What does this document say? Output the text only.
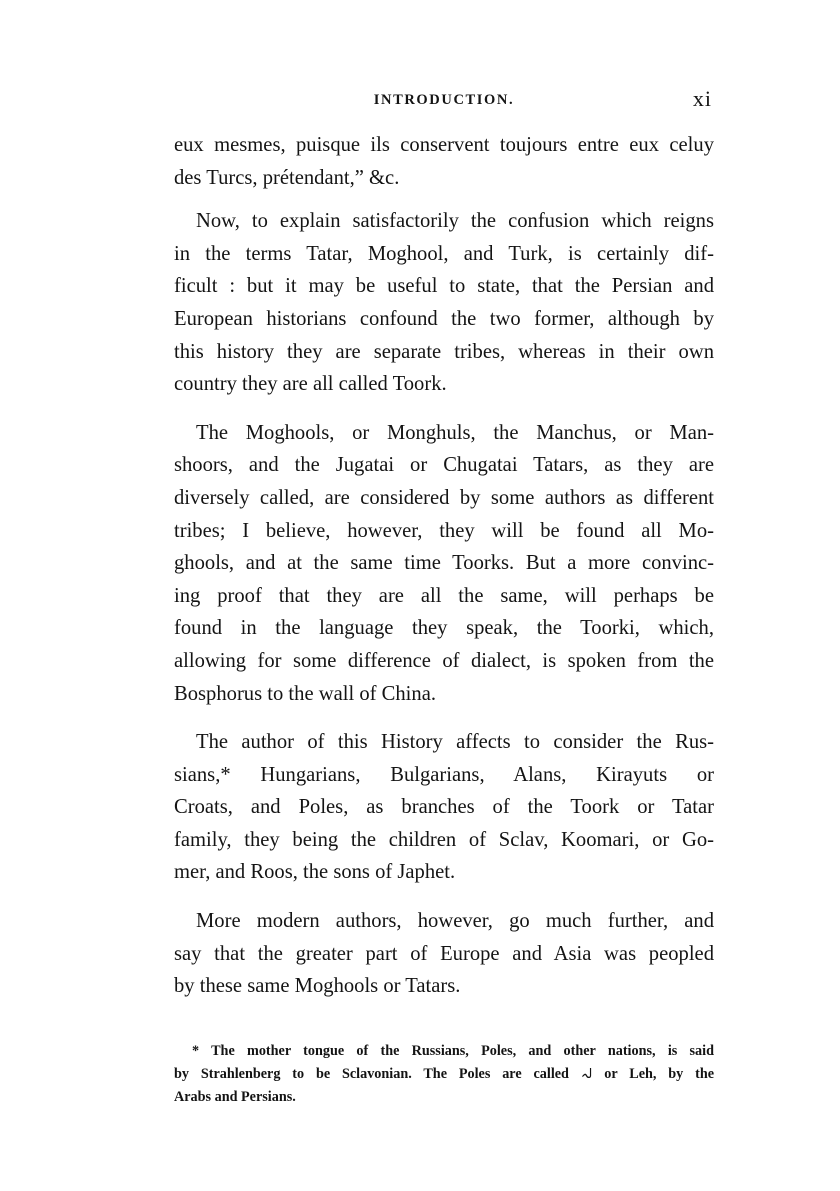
INTRODUCTION.	xi
eux mesmes, puisque ils conservent toujours entre eux celuy
des Turcs, prétendant,” &c.
Now, to explain satisfactorily the confusion which reigns
in the terms Tatar, Moghool, and Turk, is certainly dif-
ficult : but it may be useful to state, that the Persian and
European historians confound the two former, although by
this history they are separate tribes, whereas in their own
country they are all called Toork.
The Moghools, or Monghuls, the Manchus, or Man-
shoors, and the Jugatai or Chugatai Tatars, as they are
diversely called, are considered by some authors as different
tribes; I believe, however, they will be found all Mo-
ghools, and at the same time Toorks. But a more convinc-
ing proof that they are all the same, will perhaps be
found in the language they speak, the Toorki, which,
allowing for some difference of dialect, is spoken from the
Bosphorus to the wall of China.
The author of this History affects to consider the Rus-
sians,* Hungarians, Bulgarians, Alans, Kirayuts or
Croats, and Poles, as branches of the Toork or Tatar
family, they being the children of Sclav, Koomari, or Go-
mer, and Roos, the sons of Japhet.
More modern authors, however, go much further, and
say that the greater part of Europe and Asia was peopled
by these same Moghools or Tatars.
* The mother tongue of the Russians, Poles, and other nations, is said
by Strahlenberg to be Sclavonian. The Poles are called لہ or Leh, by the
Arabs and Persians.
